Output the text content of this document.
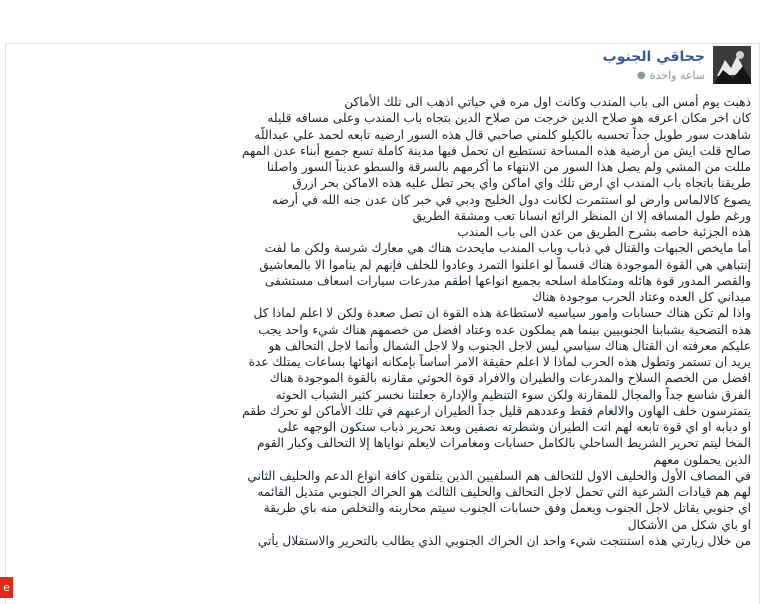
جحاقي الجنوب
ساعة واحدة
●
ذهبت يوم أمس الى باب المندب وكانت اول مره في حياتي اذهب الى تلك الأماكن
كان اخر مكان اعرفه هو صلاح الدين خرجت من صلاح الدين بتجاه باب المندب وعلى مسافه قليله
شاهدت سور طويل جداً تحسبه بالكيلو كلمني صاحبي قال هذه السور ارضيه تابعه لحمد علي عبداللّه
صالح قلت ايش من أرضية هذه المساحة تستطيع ان تحمل فيها مدينة كاملة تسع جميع أبناء عدن المهم
مللت من المشي ولم يصل هذا السور من الانتهاء ما أكرمهم بالسرقة والسطو عديناً السور واصلنا
طريقنا باتجاه باب المندب اي ارض تلك واي اماكن واي بحر تطل عليه هذه الاماكن بحر ازرق
يصوع كالالماس وارض لو استثمرت لكانت دول الخليج ودبي في خبر كان عدن جنه الله في أرضه
ورغم طول المسافه إلا ان المنظر الرائع انسانا تعب ومشقة الطريق
هذه الجزئية خاصه بشرح الطريق من عدن الى باب المندب
أما مايخص الجبهات والقتال في ذباب وباب المندب مايحدث هناك هي معارك شرسة ولكن ما لفت
إنتباهي هي القوة الموجودة هناك قسماً لو اعلنوا التمرد وعادوا للخلف فإنهم لم يناموا الا بالمعاشيق
والقصر المدور قوة هائله ومتكاملة اسلحه بجميع انواعها اطقم مدرعات سيارات اسعاف مستشفى
ميداني كل العده وعتاد الحرب موجودة هناك
واذا لم تكن هناك حسابات وامور سياسيه لاستطاعة هذه القوة ان تصل صعدة ولكن لا اعلم لماذا كل
هذه التضحية بشبابنا الجنوبيين بينما هم يملكون عده وعتاد افضل من خصمهم هناك شيء واحد يجب
عليكم معرفته ان القتال هناك سياسي ليس لاجل الجنوب ولا لاجل الشمال وأنما لاجل التحالف هو
يريد ان تستمر وتطول هذه الحرب لماذا لا اعلم حقيقة الامر أساساً بإمكانه انهائها بساعات يمتلك عدة
افضل من الخصم السلاح والمدرعات والطيران والافراد قوة الحوثي مقارنه بالقوة الموجودة هناك
الفرق شاسع جداً والمجال للمقارنة ولكن سوء التنظيم والإدارة جعلتنا نخسر كثير الشباب الحوثه
يتمترسون خلف الهاون والالغام فقط وعددهم قليل جداً الطيران ارعبهم في تلك الأماكن لو تحرك طقم
او دبابه او اي قوة تابعه لهم اتت الطيران وشطرته نصفين وبعد تحرير ذباب ستكون الوجهه على
المخا ليتم تحرير الشريط الساحلي بالكامل حسابات ومغامرات لايعلم نواياها إلا التحالف وكبار القوم
الذين يحملون معهم
في المصاف الأول والحليف الاول للتحالف هم السلفيين الذين يتلقون كافة انواع الدعم والحليف الثاني
لهم هم قيادات الشرعية التي تحمل لاجل التحالف والحليف الثالث هو الحراك الجنوبي متذيل القائمه
اي جنوبي يقاتل لاجل الجنوب ويعمل وفق حسابات الجنوب سيتم محاربته والتخلص منه باي طريقة
او باي شكل من الأشكال
من خلال زيارتي هذه استنتجت شيء واحد ان الحراك الجنوبي الذي يطالب بالتحرير والاستقلال يأتي
e
